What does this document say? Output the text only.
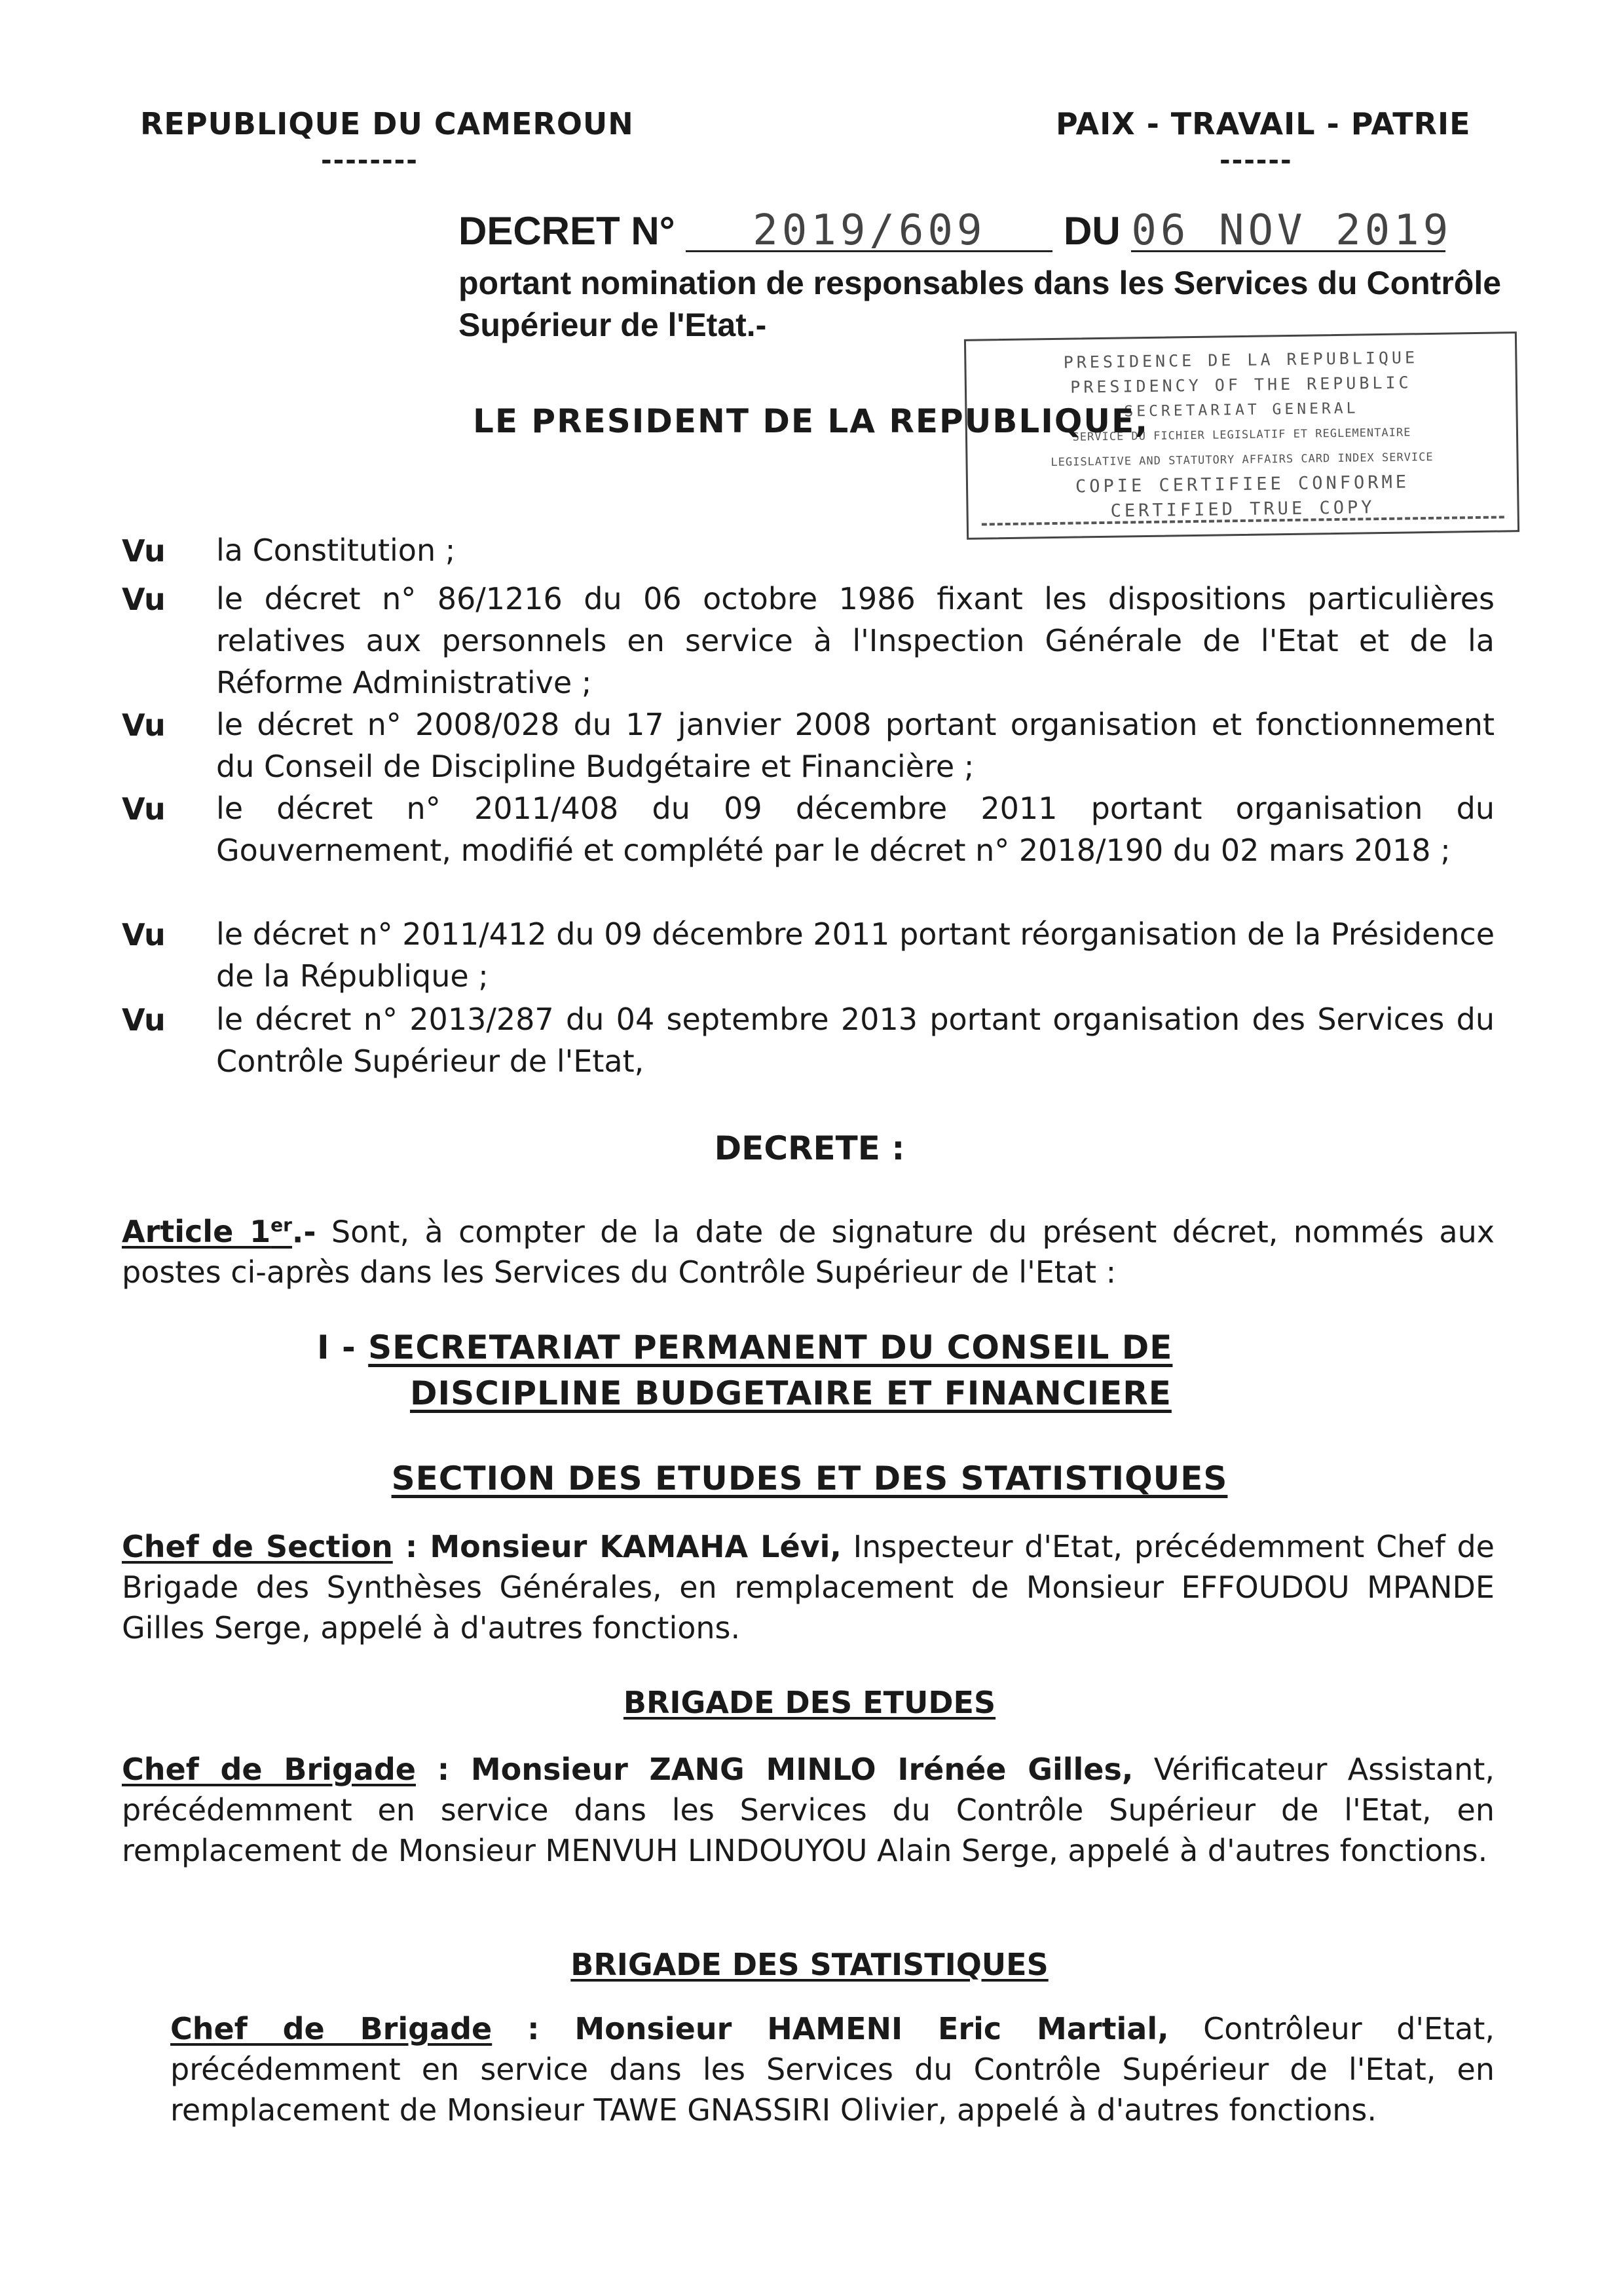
REPUBLIQUE DU CAMEROUN
--------
PAIX - TRAVAIL - PATRIE
------
DECRET N° 2019/609 DU 06 NOV 2019
portant nomination de responsables dans les Services du Contrôle
Supérieur de l'Etat.-
PRESIDENCE DE LA REPUBLIQUE
PRESIDENCY OF THE REPUBLIC
SECRETARIAT GENERAL
SERVICE DU FICHIER LEGISLATIF ET REGLEMENTAIRE
LEGISLATIVE AND STATUTORY AFFAIRS CARD INDEX SERVICE
COPIE CERTIFIEE CONFORME
CERTIFIED TRUE COPY
LE PRESIDENT DE LA REPUBLIQUE,
Vu la Constitution ;
Vu le décret n° 86/1216 du 06 octobre 1986 fixant les dispositions particulières relatives aux personnels en service à l'Inspection Générale de l'Etat et de la Réforme Administrative ;
Vu le décret n° 2008/028 du 17 janvier 2008 portant organisation et fonctionnement du Conseil de Discipline Budgétaire et Financière ;
Vu le décret n° 2011/408 du 09 décembre 2011 portant organisation du Gouvernement, modifié et complété par le décret n° 2018/190 du 02 mars 2018 ;
Vu le décret n° 2011/412 du 09 décembre 2011 portant réorganisation de la Présidence de la République ;
Vu le décret n° 2013/287 du 04 septembre 2013 portant organisation des Services du Contrôle Supérieur de l'Etat,
DECRETE :
Article 1er.- Sont, à compter de la date de signature du présent décret, nommés aux postes ci-après dans les Services du Contrôle Supérieur de l'Etat :
I - SECRETARIAT PERMANENT DU CONSEIL DE
DISCIPLINE BUDGETAIRE ET FINANCIERE
SECTION DES ETUDES ET DES STATISTIQUES
Chef de Section : Monsieur KAMAHA Lévi, Inspecteur d'Etat, précédemment Chef de Brigade des Synthèses Générales, en remplacement de Monsieur EFFOUDOU MPANDE Gilles Serge, appelé à d'autres fonctions.
BRIGADE DES ETUDES
Chef de Brigade : Monsieur ZANG MINLO Irénée Gilles, Vérificateur Assistant, précédemment en service dans les Services du Contrôle Supérieur de l'Etat, en remplacement de Monsieur MENVUH LINDOUYOU Alain Serge, appelé à d'autres fonctions.
BRIGADE DES STATISTIQUES
Chef de Brigade : Monsieur HAMENI Eric Martial, Contrôleur d'Etat, précédemment en service dans les Services du Contrôle Supérieur de l'Etat, en remplacement de Monsieur TAWE GNASSIRI Olivier, appelé à d'autres fonctions.
